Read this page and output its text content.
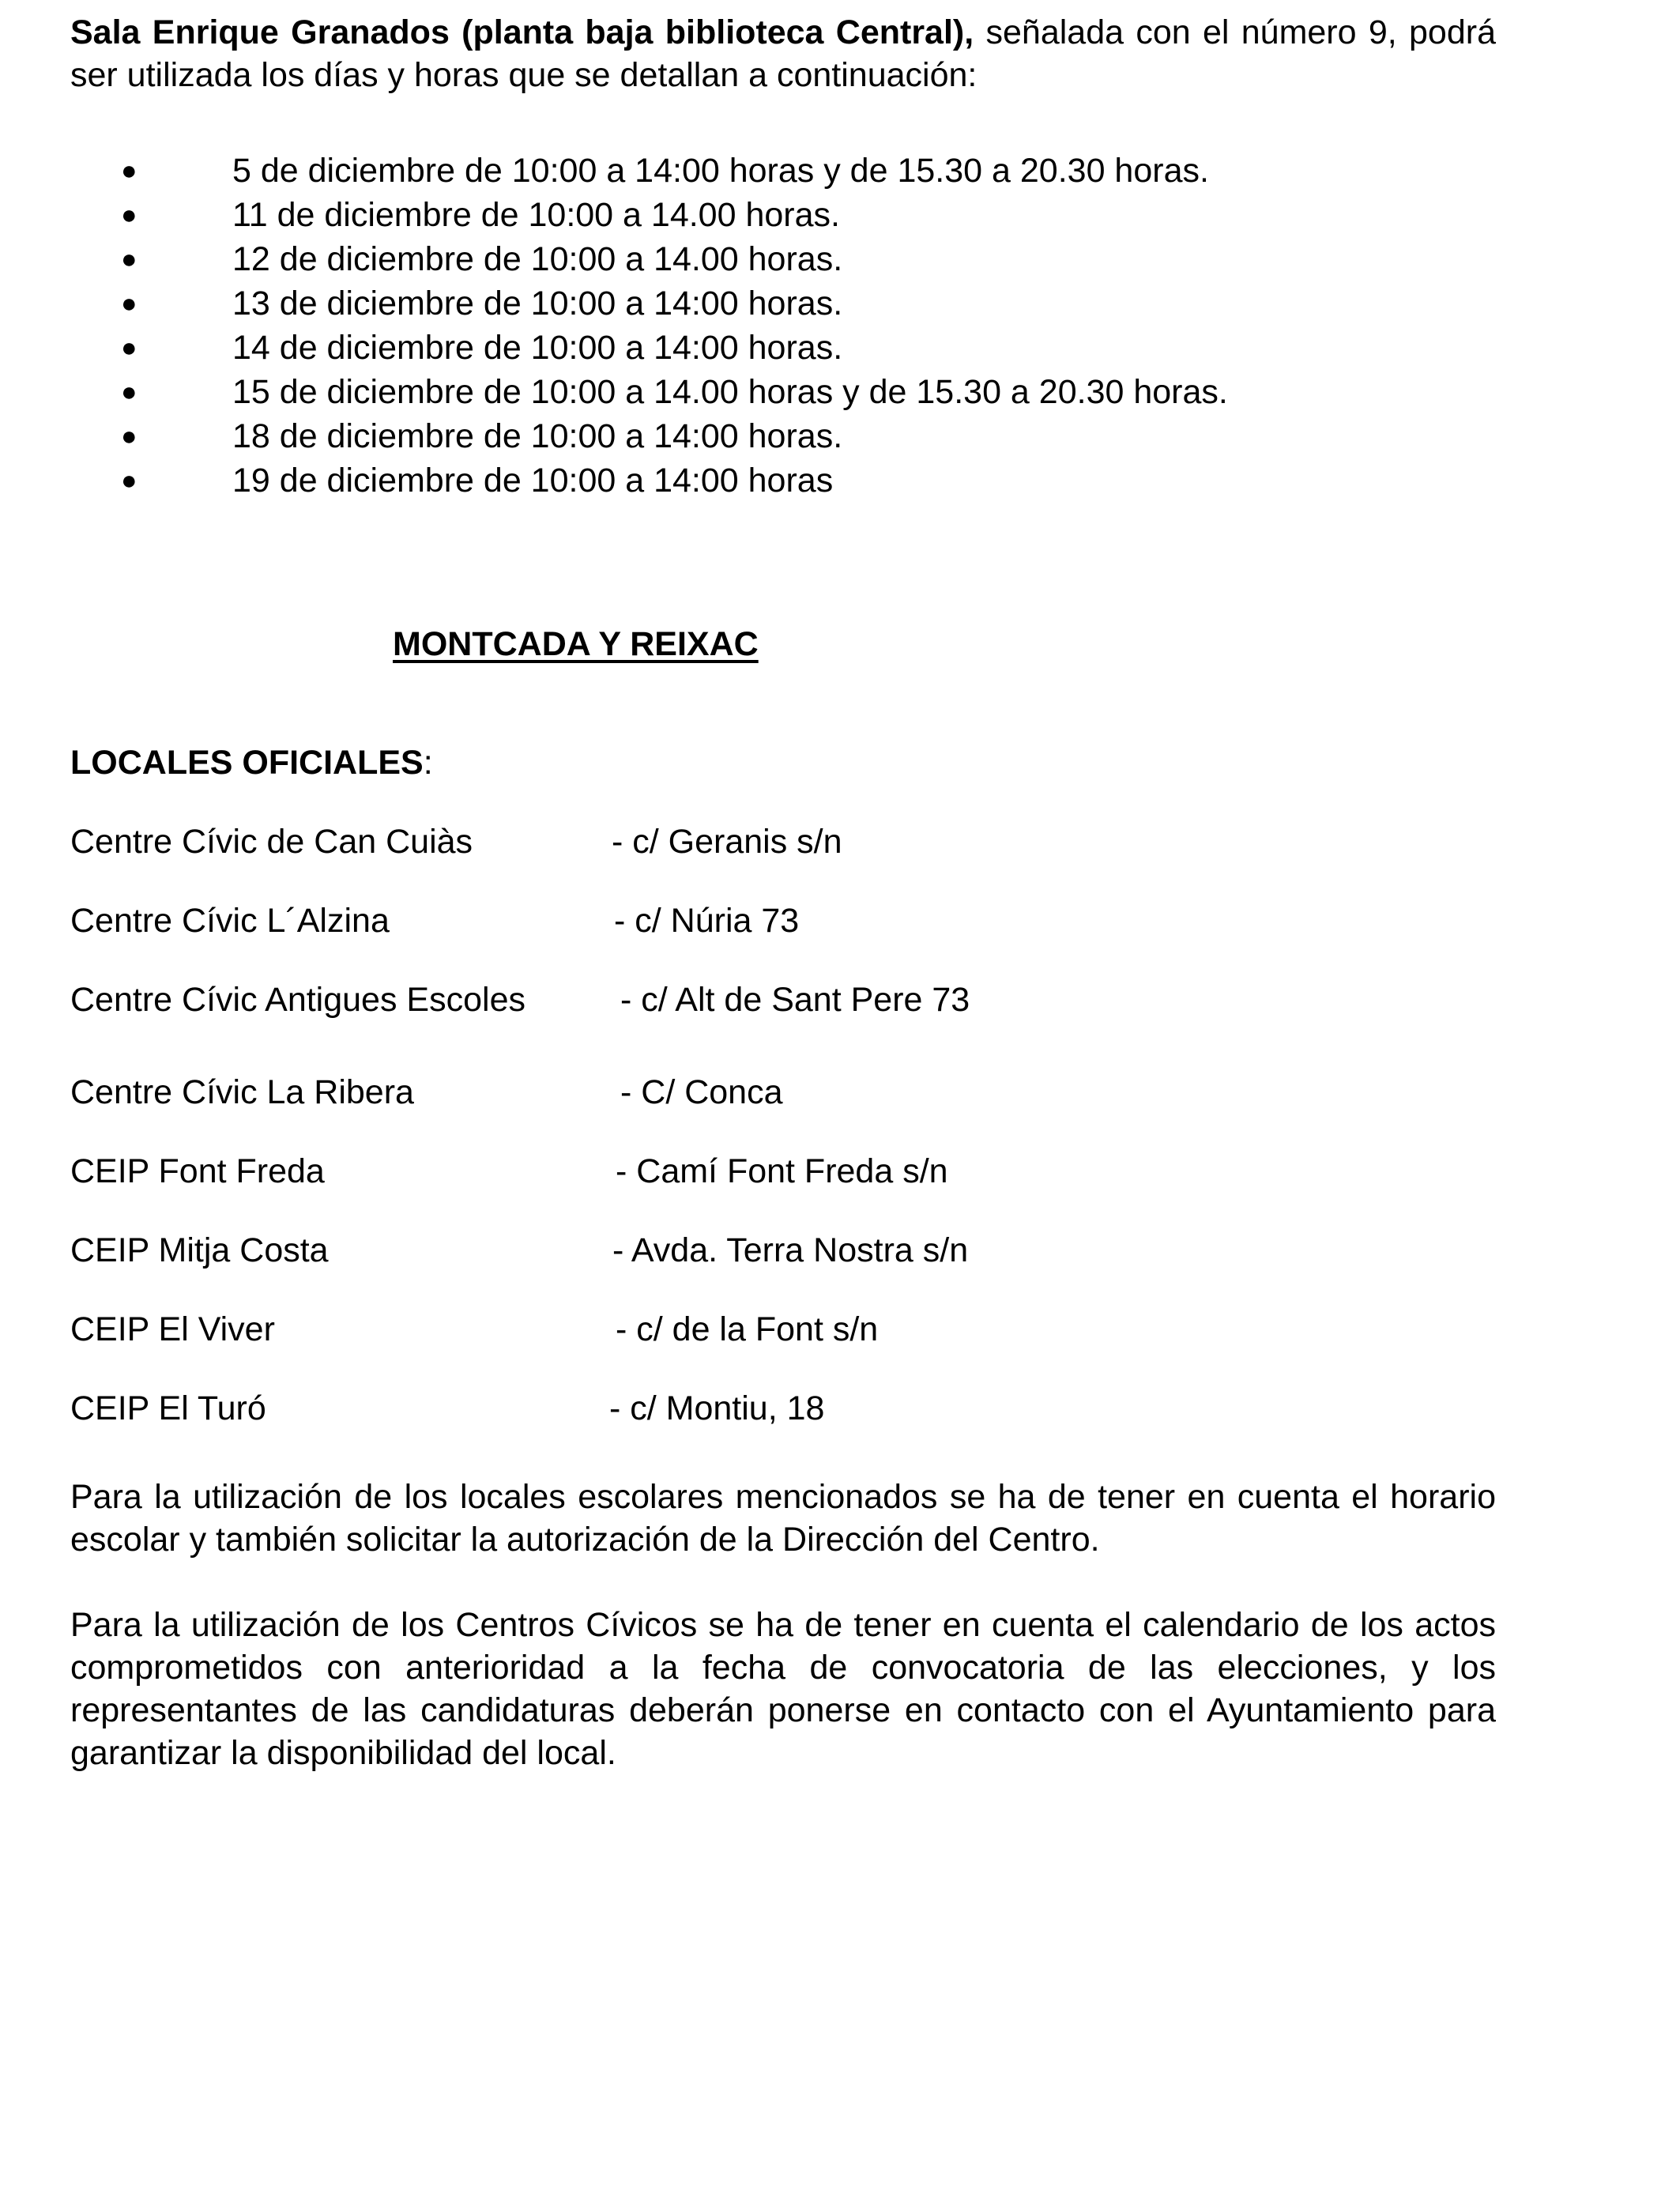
Sala Enrique Granados (planta baja biblioteca Central), señalada con el número 9, podrá ser utilizada los días y horas que se detallan a continuación:

●	5 de diciembre de 10:00 a 14:00 horas y de 15.30 a 20.30 horas.
●	11 de diciembre de 10:00 a 14.00 horas.
●	12 de diciembre de 10:00 a 14.00 horas.
●	13 de diciembre de 10:00 a 14:00 horas.
●	14 de diciembre de 10:00 a 14:00 horas.
●	15 de diciembre de 10:00 a 14.00 horas y de 15.30 a 20.30 horas.
●	18 de diciembre de 10:00 a 14:00 horas.
●	19 de diciembre de 10:00 a 14:00 horas
MONTCADA Y REIXAC
LOCALES OFICIALES:
Centre Cívic de Can Cuiàs	- c/ Geranis s/n
Centre Cívic L´Alzina	- c/ Núria 73
Centre Cívic Antigues Escoles	- c/ Alt de Sant Pere 73
Centre Cívic La Ribera	- C/ Conca
CEIP Font Freda	- Camí Font Freda s/n
CEIP Mitja Costa	- Avda. Terra Nostra s/n
CEIP El Viver	- c/ de la Font s/n
CEIP El Turó	- c/ Montiu, 18

Para la utilización de los locales escolares mencionados se ha de tener en cuenta el horario escolar y también solicitar la autorización de la Dirección del Centro.

Para la utilización de los Centros Cívicos se ha de tener en cuenta el calendario de los actos comprometidos con anterioridad a la fecha de convocatoria de las elecciones, y los representantes de las candidaturas deberán ponerse en contacto con el Ayuntamiento para garantizar la disponibilidad del local.
